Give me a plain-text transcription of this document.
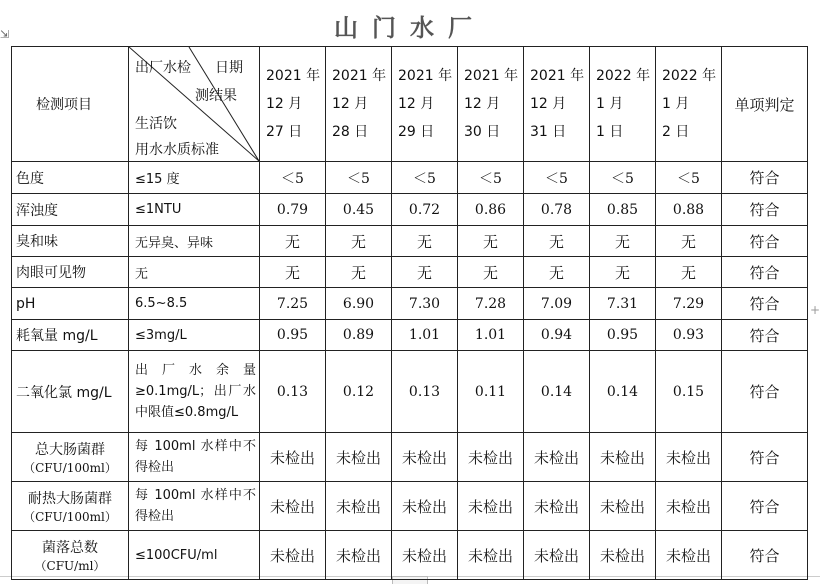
山门水厂
⇲
+
检测项目	出厂水检 日期
测结果
生活饮
用水水质标准	2021 年
12 月
27 日	2021 年
12 月
28 日	2021 年
12 月
29 日	2021 年
12 月
30 日	2021 年
12 月
31 日	2022 年
1 月
1 日	2022 年
1 月
2 日	单项判定
色度	≤15 度	＜5	＜5	＜5	＜5	＜5	＜5	＜5	符合
浑浊度	≤1NTU	0.79	0.45	0.72	0.86	0.78	0.85	0.88	符合
臭和味	无异臭、异味	无	无	无	无	无	无	无	符合
肉眼可见物	无	无	无	无	无	无	无	无	符合
pH	6.5~8.5	7.25	6.90	7.30	7.28	7.09	7.31	7.29	符合
耗氧量 mg/L	≤3mg/L	0.95	0.89	1.01	1.01	0.94	0.95	0.93	符合
二氧化氯 mg/L	出厂水余量≥0.1mg/L；出厂水中限值≤0.8mg/L	0.13	0.12	0.13	0.11	0.14	0.14	0.15	符合
总大肠菌群
（CFU/100ml）	每 100ml 水样中不得检出	未检出	未检出	未检出	未检出	未检出	未检出	未检出	符合
耐热大肠菌群
（CFU/100ml）	每 100ml 水样中不得检出	未检出	未检出	未检出	未检出	未检出	未检出	未检出	符合
菌落总数
（CFU/ml）	≤100CFU/ml	未检出	未检出	未检出	未检出	未检出	未检出	未检出	符合
